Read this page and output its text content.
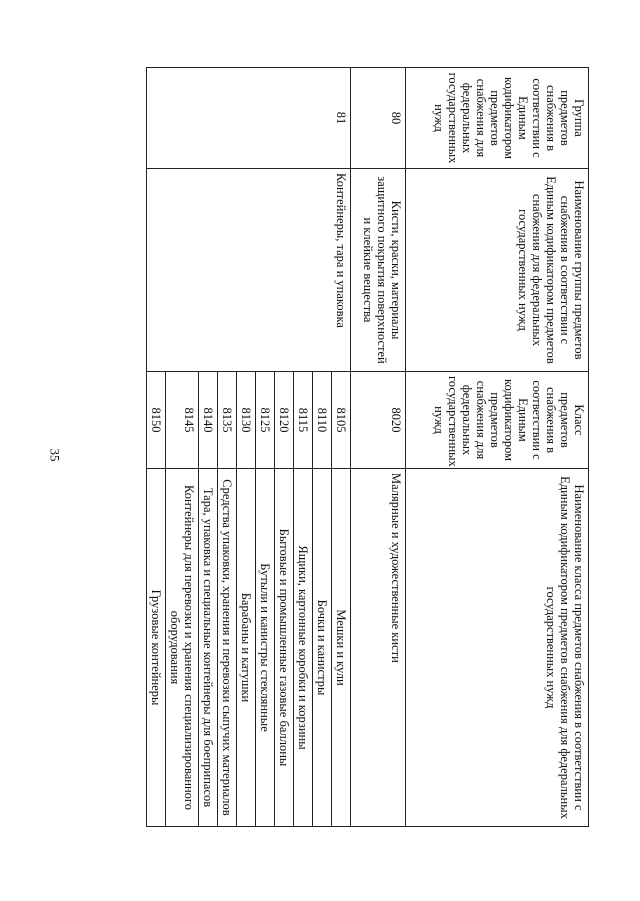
35
Группа предметов снабжения в соответствии с Единым кодификатором предметов снабжения для федеральных государственных нужд	Наименование группы предметов снабжения в соответствии с Единым кодификатором предметов снабжения для федеральных государственных нужд	Класс предметов снабжения в соответствии с Единым кодификатором предметов снабжения для федеральных государственных нужд	Наименование класса предметов снабжения в соответствии с Единым кодификатором предметов снабжения для федеральных государственных нужд
80	Кисти, краски, материалы защитного покрытия поверхностей и клейкие вещества	8020	Малярные и художественные кисти
81	Контейнеры, тара и упаковка	8105	Мешки и кули
		8110	Бочки и канистры
		8115	Ящики, картонные коробки и корзины
		8120	Бытовые и промышленные газовые баллоны
		8125	Бутыли и канистры стеклянные
		8130	Барабаны и катушки
		8135	Средства упаковки, хранения и перевозки сыпучих материалов
		8140	Тара, упаковка и специальные контейнеры для боеприпасов
		8145	Контейнеры для перевозки и хранения специализированного оборудования
		8150	Грузовые контейнеры
